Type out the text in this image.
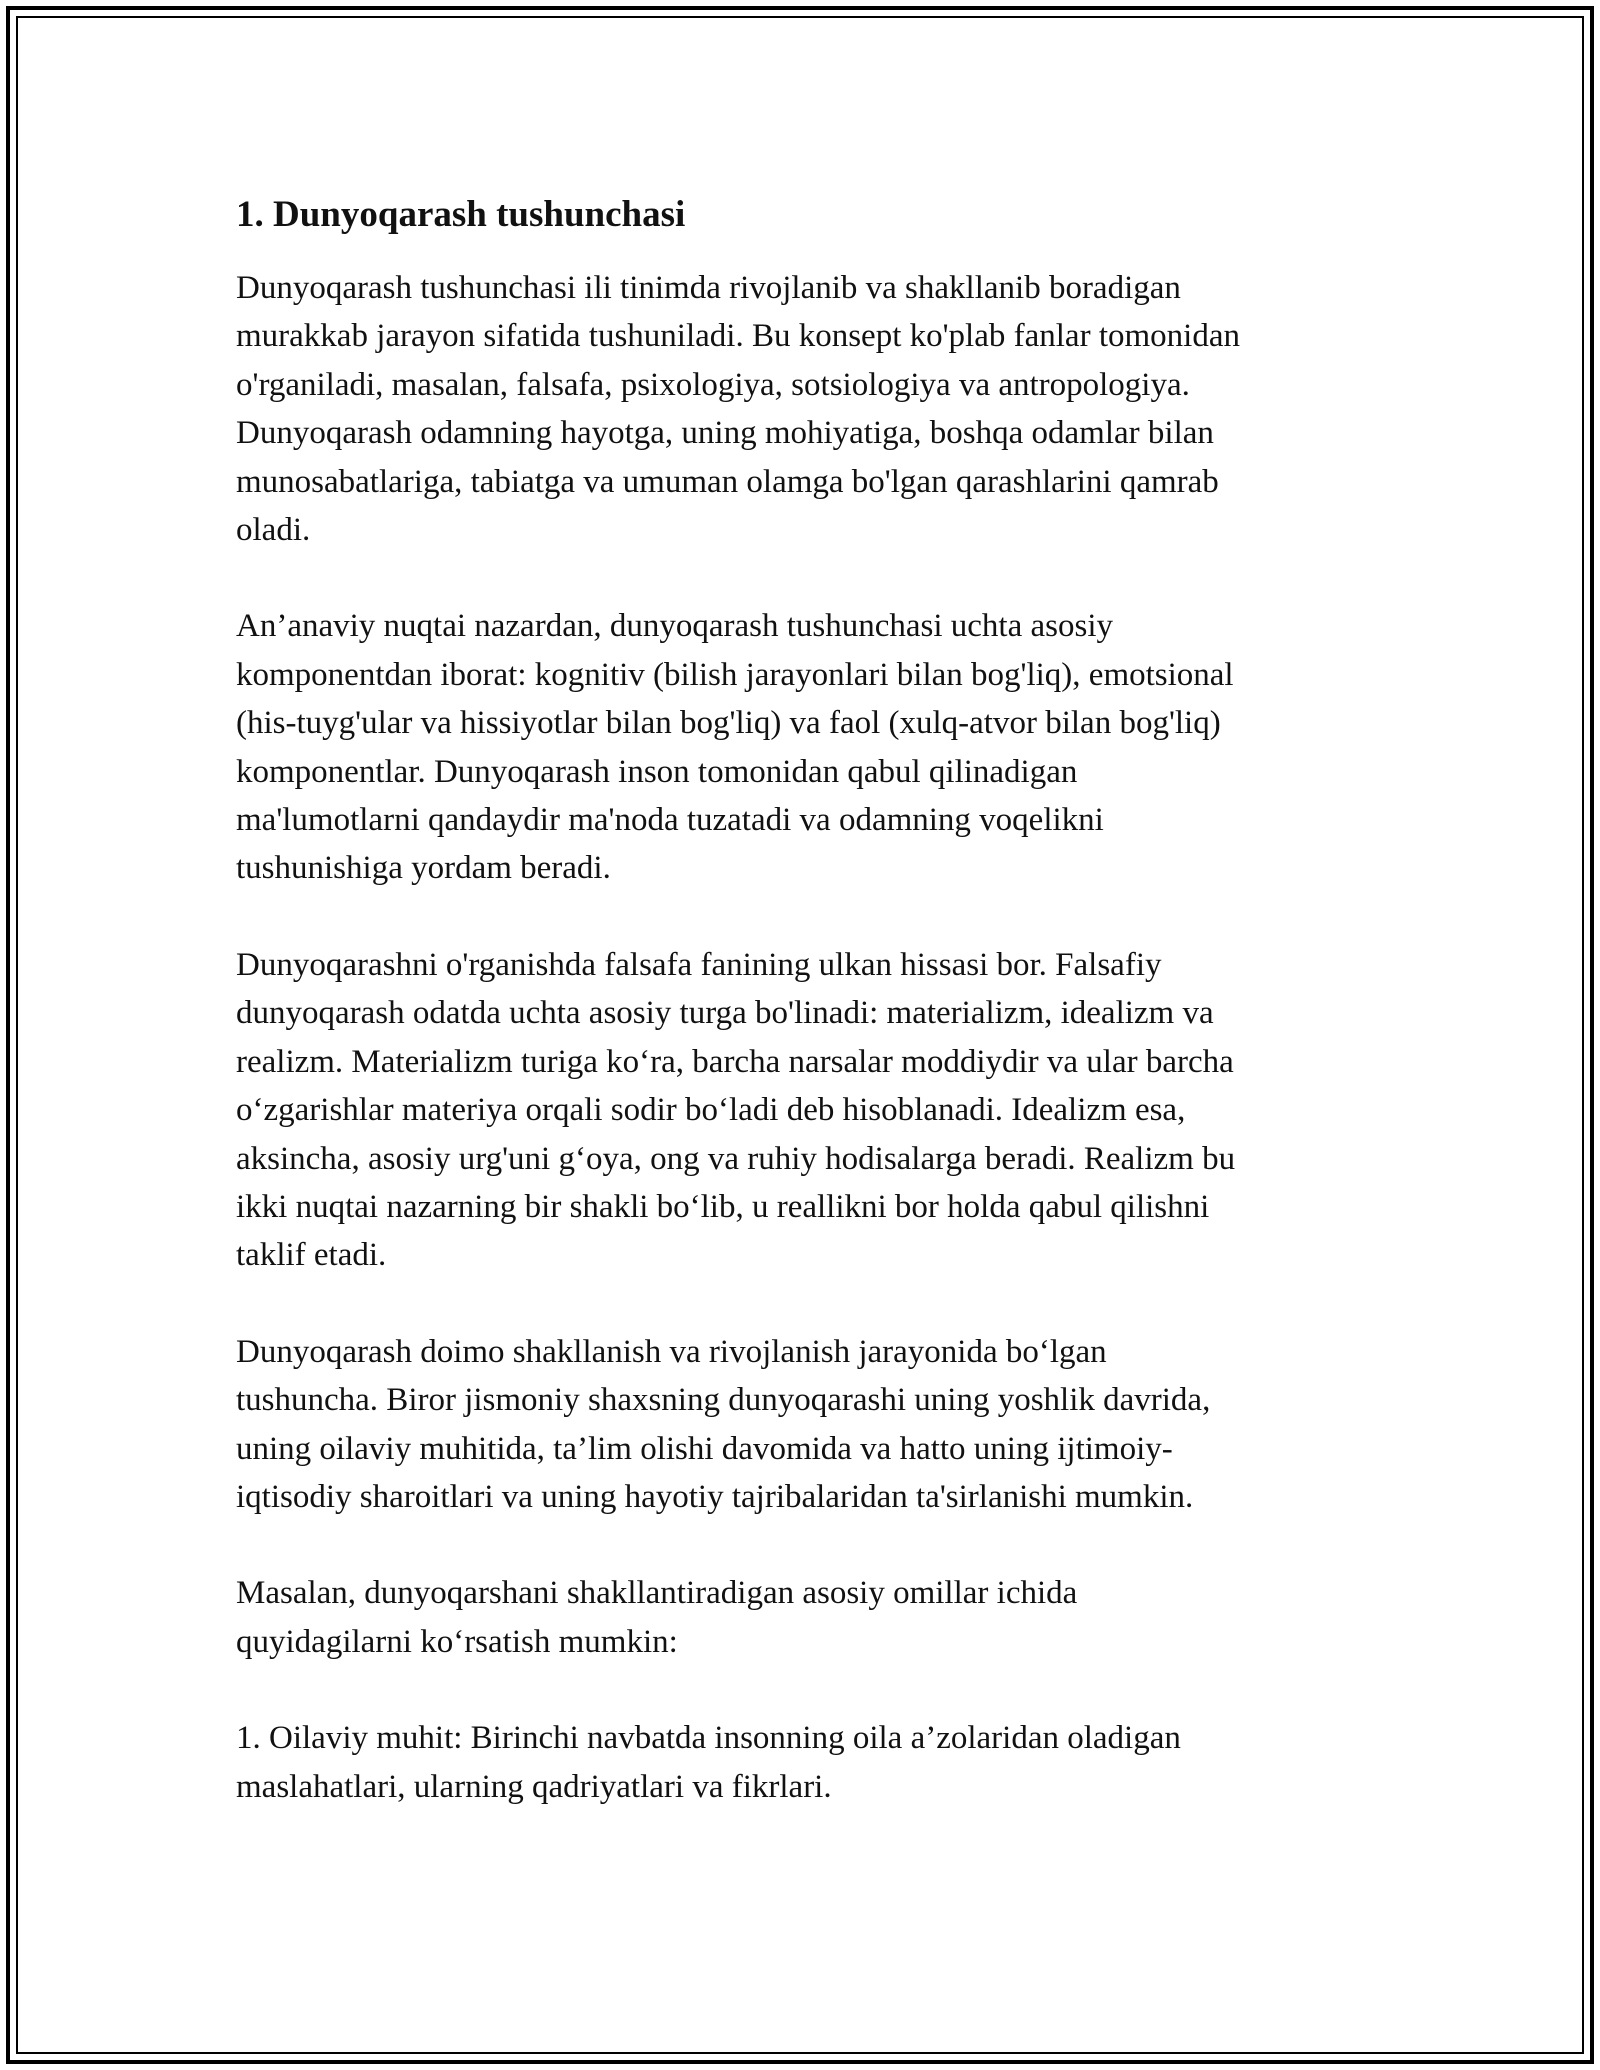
1. Dunyoqarash tushunchasi

Dunyoqarash tushunchasi ili tinimda rivojlanib va shakllanib boradigan
murakkab jarayon sifatida tushuniladi. Bu konsept ko'plab fanlar tomonidan
o'rganiladi, masalan, falsafa, psixologiya, sotsiologiya va antropologiya.
Dunyoqarash odamning hayotga, uning mohiyatiga, boshqa odamlar bilan
munosabatlariga, tabiatga va umuman olamga bo'lgan qarashlarini qamrab
oladi.

An’anaviy nuqtai nazardan, dunyoqarash tushunchasi uchta asosiy
komponentdan iborat: kognitiv (bilish jarayonlari bilan bog'liq), emotsional
(his-tuyg'ular va hissiyotlar bilan bog'liq) va faol (xulq-atvor bilan bog'liq)
komponentlar. Dunyoqarash inson tomonidan qabul qilinadigan
ma'lumotlarni qandaydir ma'noda tuzatadi va odamning voqelikni
tushunishiga yordam beradi.

Dunyoqarashni o'rganishda falsafa fanining ulkan hissasi bor. Falsafiy
dunyoqarash odatda uchta asosiy turga bo'linadi: materializm, idealizm va
realizm. Materializm turiga ko‘ra, barcha narsalar moddiydir va ular barcha
o‘zgarishlar materiya orqali sodir bo‘ladi deb hisoblanadi. Idealizm esa,
aksincha, asosiy urg'uni g‘oya, ong va ruhiy hodisalarga beradi. Realizm bu
ikki nuqtai nazarning bir shakli bo‘lib, u reallikni bor holda qabul qilishni
taklif etadi.

Dunyoqarash doimo shakllanish va rivojlanish jarayonida bo‘lgan
tushuncha. Biror jismoniy shaxsning dunyoqarashi uning yoshlik davrida,
uning oilaviy muhitida, ta’lim olishi davomida va hatto uning ijtimoiy-
iqtisodiy sharoitlari va uning hayotiy tajribalaridan ta'sirlanishi mumkin.

Masalan, dunyoqarshani shakllantiradigan asosiy omillar ichida
quyidagilarni ko‘rsatish mumkin:

1. Oilaviy muhit: Birinchi navbatda insonning oila a’zolaridan oladigan
maslahatlari, ularning qadriyatlari va fikrlari.
